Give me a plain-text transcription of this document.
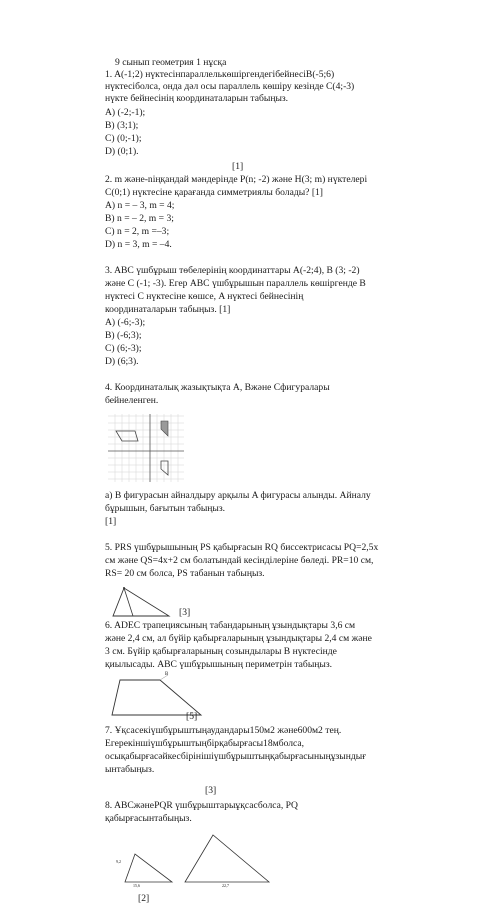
9 сынып геометрия 1 нұсқа
1. A(-1;2) нүктесінпараллелькөшіргендегібейнесіB(-5;6)
нүктесіболса, онда дәл осы параллель көшіру кезінде C(4;-3)
нүкте бейнесінің координаталарын табыңыз.
A) (-2;-1);
B) (3;1);
C) (0;-1);
D) (0;1).
[1]
2. m және-nіңқандай мәндерінде P(n; -2) және H(3; m) нүктелері
C(0;1) нүктесіне қарағанда симметриялы болады? [1]
A) n = – 3, m = 4;
B) n = – 2, m = 3;
C) n = 2, m =–3;
D) n = 3, m = –4.
3. ABC үшбұрыш төбелерінің координаттары A(-2;4), B (3; -2)
және C (-1; -3). Егер ABC үшбұрышын параллель көшіргенде B
нүктесі C нүктесіне көшсе, A нүктесі бейнесінің
координаталарын табыңыз. [1]
A) (-6;-3);
B) (-6;3);
C) (6;-3);
D) (6;3).
4. Координаталық жазықтықта A, Вжәне Сфигуралары
бейнеленген.
a) B фигурасын айналдыру арқылы A фигурасы алынды. Айналу
бұрышын, бағытын табыңыз.
[1]
5. PRS үшбұрышының PS қабырғасын RQ биссектрисасы PQ=2,5x
см және QS=4x+2 см болатындай кесінділеріне бөледі. PR=10 см,
RS= 20 см болса, PS табанын табыңыз.
[3]
6. ADEC трапециясының табандарының ұзындықтары 3,6 см
және 2,4 см, ал бүйір қабырғаларының ұзындықтары 2,4 см және
3 см. Бүйір қабырғаларының созындылары B нүктесінде
қиылысады. ABC үшбұрышының периметрін табыңыз.
B
[5]
7. Ұқсасекіүшбұрыштыңаудандары150м2 және600м2 тең.
Егерекіншіүшбұрыштыңбірқабырғасы18мболса,
осықабырғасәйкесбірінішіүшбұрыштыңқабырғасыныңұзындығ
ынтабыңыз.
[3]
8. ABCжәнеPQR үшбұрыштарыұқсасболса, PQ
қабырғасынтабыңыз.
9,2
15,6	22,7
[2]
